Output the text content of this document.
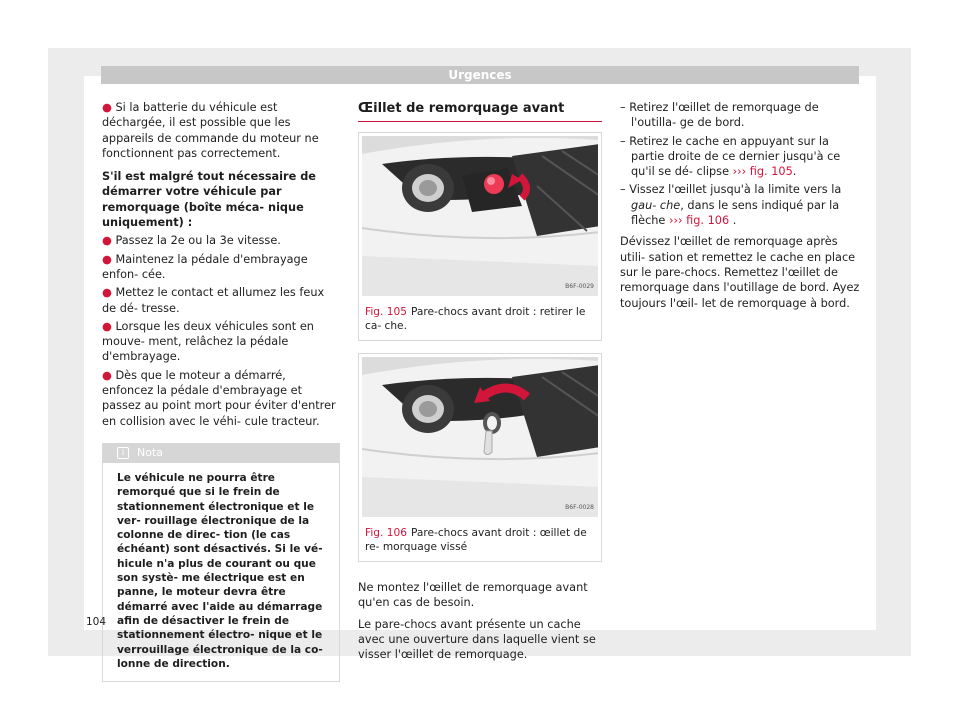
Urgences

● Si la batterie du véhicule est déchargée, il est possible que les appareils de commande du moteur ne fonctionnent pas correctement.

S'il est malgré tout nécessaire de démarrer votre véhicule par remorquage (boîte méca- nique uniquement) :

● Passez la 2e ou la 3e vitesse.

● Maintenez la pédale d'embrayage enfon- cée.

● Mettez le contact et allumez les feux de dé- tresse.

● Lorsque les deux véhicules sont en mouve- ment, relâchez la pédale d'embrayage.

● Dès que le moteur a démarré, enfoncez la pédale d'embrayage et passez au point mort pour éviter d'entrer en collision avec le véhi- cule tracteur.

i Nota
Le véhicule ne pourra être remorqué que si le frein de stationnement électronique et le ver- rouillage électronique de la colonne de direc- tion (le cas échéant) sont désactivés. Si le vé- hicule n'a plus de courant ou que son systè- me électrique est en panne, le moteur devra être démarré avec l'aide au démarrage afin de désactiver le frein de stationnement électro- nique et le verrouillage électronique de la co- lonne de direction.
Œillet de remorquage avant
B6F-0029
Fig. 105 Pare-chocs avant droit : retirer le ca- che.
B6F-0028
Fig. 106 Pare-chocs avant droit : œillet de re- morquage vissé

Ne montez l'œillet de remorquage avant qu'en cas de besoin.

Le pare-chocs avant présente un cache avec une ouverture dans laquelle vient se visser l'œillet de remorquage.

– Retirez l'œillet de remorquage de l'outilla- ge de bord.

– Retirez le cache en appuyant sur la partie droite de ce dernier jusqu'à ce qu'il se dé- clipse ››› fig. 105.

– Vissez l'œillet jusqu'à la limite vers la gau- che, dans le sens indiqué par la flèche ››› fig. 106 .

Dévissez l'œillet de remorquage après utili- sation et remettez le cache en place sur le pare-chocs. Remettez l'œillet de remorquage dans l'outillage de bord. Ayez toujours l'œil- let de remorquage à bord.

104
